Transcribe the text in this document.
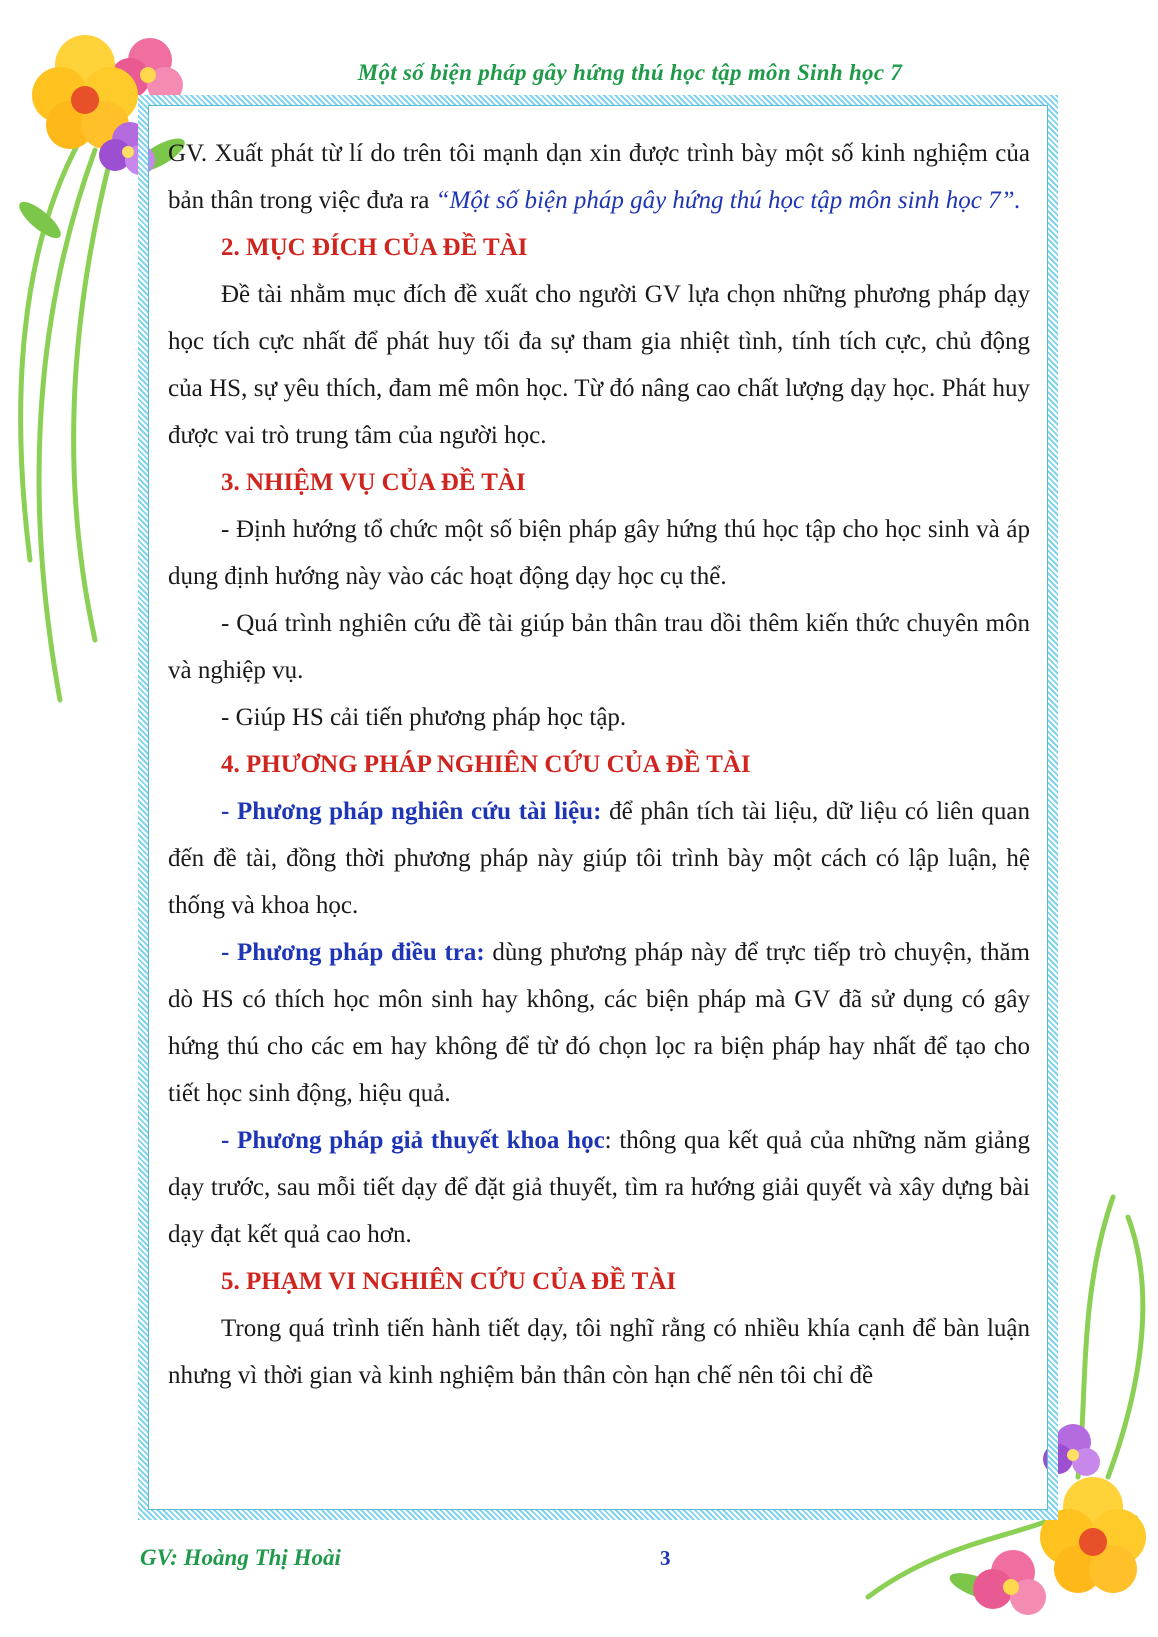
Một số biện pháp gây hứng thú học tập môn Sinh học 7

GV. Xuất phát từ lí do trên tôi mạnh dạn xin được trình bày một số kinh nghiệm của bản thân trong việc đưa ra “Một số biện pháp gây hứng thú học tập môn sinh học 7”.

2. MỤC ĐÍCH CỦA ĐỀ TÀI

Đề tài nhằm mục đích đề xuất cho người GV lựa chọn những phương pháp dạy học tích cực nhất để phát huy tối đa sự tham gia nhiệt tình, tính tích cực, chủ động của HS, sự yêu thích, đam mê môn học. Từ đó nâng cao chất lượng dạy học. Phát huy được vai trò trung tâm của người học.

3. NHIỆM VỤ CỦA ĐỀ TÀI

- Định hướng tổ chức một số biện pháp gây hứng thú học tập cho học sinh và áp dụng định hướng này vào các hoạt động dạy học cụ thể.

- Quá trình nghiên cứu đề tài giúp bản thân trau dồi thêm kiến thức chuyên môn và nghiệp vụ.

- Giúp HS cải tiến phương pháp học tập.

4. PHƯƠNG PHÁP NGHIÊN CỨU CỦA ĐỀ TÀI

- Phương pháp nghiên cứu tài liệu: để phân tích tài liệu, dữ liệu có liên quan đến đề tài, đồng thời phương pháp này giúp tôi trình bày một cách có lập luận, hệ thống và khoa học.

- Phương pháp điều tra: dùng phương pháp này để trực tiếp trò chuyện, thăm dò HS có thích học môn sinh hay không, các biện pháp mà GV đã sử dụng có gây hứng thú cho các em hay không để từ đó chọn lọc ra biện pháp hay nhất để tạo cho tiết học sinh động, hiệu quả.

- Phương pháp giả thuyết khoa học: thông qua kết quả của những năm giảng dạy trước, sau mỗi tiết dạy để đặt giả thuyết, tìm ra hướng giải quyết và xây dựng bài dạy đạt kết quả cao hơn.

5. PHẠM VI NGHIÊN CỨU CỦA ĐỀ TÀI

Trong quá trình tiến hành tiết dạy, tôi nghĩ rằng có nhiều khía cạnh để bàn luận nhưng vì thời gian và kinh nghiệm bản thân còn hạn chế nên tôi chỉ đề

GV: Hoàng Thị Hoài	3
